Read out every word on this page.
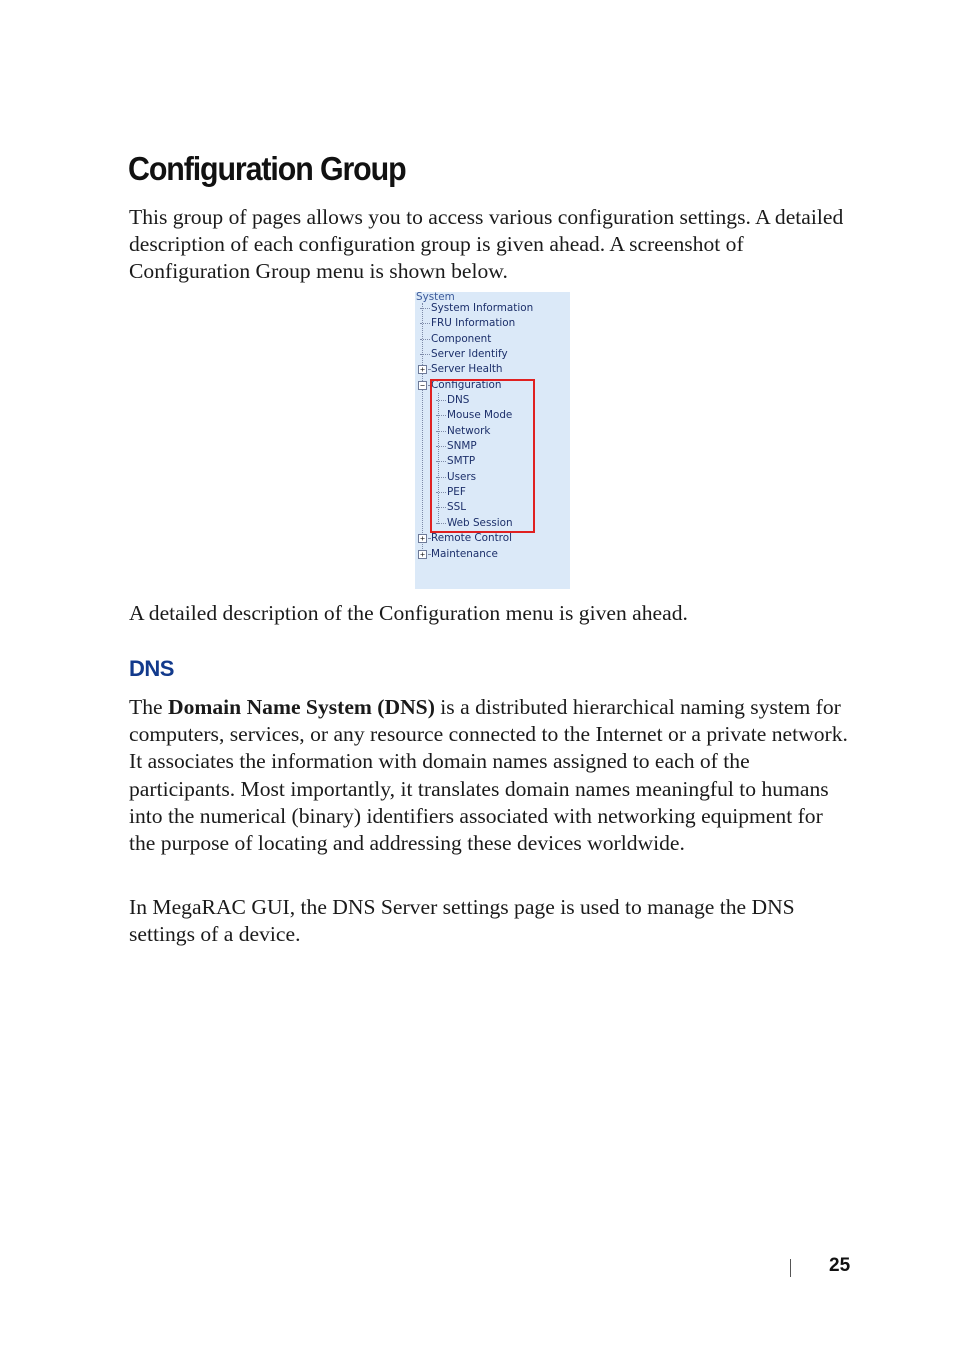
Configuration Group

This group of pages allows you to access various configuration settings. A detailed description of each configuration group is given ahead. A screenshot of Configuration Group menu is shown below.

System
System Information
FRU Information
Component
Server Identify
+ Server Health
− Configuration
DNS
Mouse Mode
Network
SNMP
SMTP
Users
PEF
SSL
Web Session
+ Remote Control
+ Maintenance

A detailed description of the Configuration menu is given ahead.

DNS

The Domain Name System (DNS) is a distributed hierarchical naming system for computers, services, or any resource connected to the Internet or a private network. It associates the information with domain names assigned to each of the participants. Most importantly, it translates domain names meaningful to humans into the numerical (binary) identifiers associated with networking equipment for the purpose of locating and addressing these devices worldwide.

In MegaRAC GUI, the DNS Server settings page is used to manage the DNS settings of a device.

25
